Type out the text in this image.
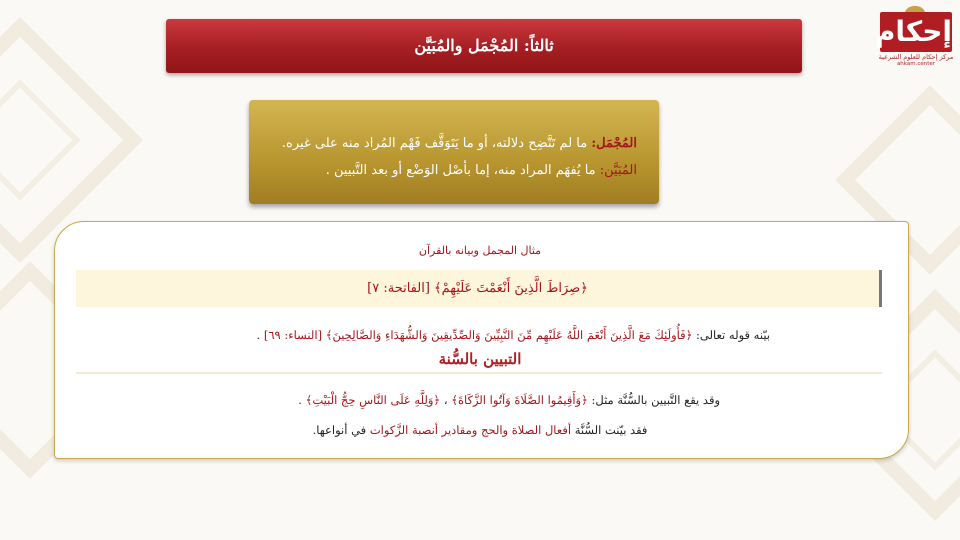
إحكام
مركز إحكام للعلوم الشرعية
ahkam.center
ثالثاً: المُجْمَل والمُبَيَّن
المُجْمَل: ما لم تَتَّضِح دلالته، أو ما يَتَوَقَّف فَهْم المُراد منه على غيره.
المُبَيَّن: ما يُفهَم المراد منه، إما بأصْل الوَضْع أو بعد التَّبيين .
مثال المجمل وبيانه بالقرآن
﴿صِرَاطَ الَّذِينَ أَنْعَمْتَ عَلَيْهِمْ﴾ [الفاتحة: ٧]
بيّنه قوله تعالى: ﴿فَأُولَئِكَ مَعَ الَّذِينَ أَنْعَمَ اللَّهُ عَلَيْهِم مِّنَ النَّبِيِّينَ وَالصِّدِّيقِينَ وَالشُّهَدَاءِ وَالصَّالِحِينَ﴾ [النساء: ٦٩] .
التبيين بالسُّنة
وقد يقع التَّبيين بالسُّنَّة مثل: ﴿وَأَقِيمُوا الصَّلَاةَ وَآتُوا الزَّكَاةَ﴾ ، ﴿وَلِلَّهِ عَلَى النَّاسِ حِجُّ الْبَيْتِ﴾ .
فقد بيّنت السُّنَّة أفعال الصلاة والحج ومقادير أنصبة الزَّكوات في أنواعها.
